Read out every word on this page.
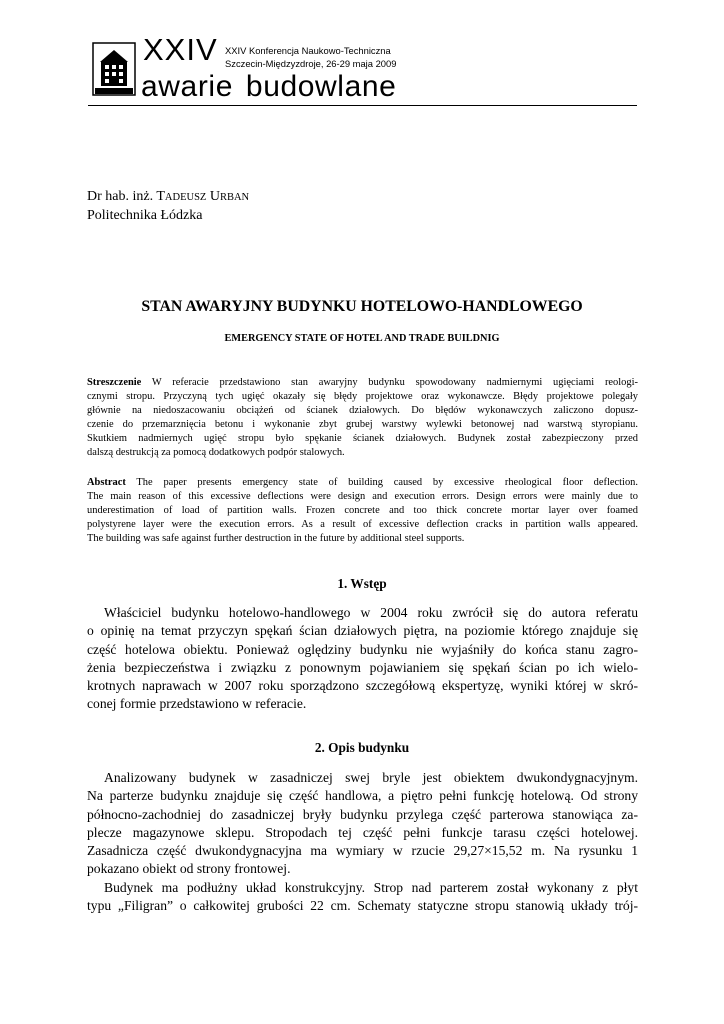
XXIV XXIV Konferencja Naukowo-Techniczna
Szczecin-Międzyzdroje, 26-29 maja 2009
awarie budowlane
Dr hab. inż. TADEUSZ URBAN
Politechnika Łódzka
STAN AWARYJNY BUDYNKU HOTELOWO-HANDLOWEGO
EMERGENCY STATE OF HOTEL AND TRADE BUILDNIG
Streszczenie W referacie przedstawiono stan awaryjny budynku spowodowany nadmiernymi ugięciami reologi-
cznymi stropu. Przyczyną tych ugięć okazały się błędy projektowe oraz wykonawcze. Błędy projektowe polegały
głównie na niedoszacowaniu obciążeń od ścianek działowych. Do błędów wykonawczych zaliczono dopusz-
czenie do przemarznięcia betonu i wykonanie zbyt grubej warstwy wylewki betonowej nad warstwą styropianu.
Skutkiem nadmiernych ugięć stropu było spękanie ścianek działowych. Budynek został zabezpieczony przed
dalszą destrukcją za pomocą dodatkowych podpór stalowych.
Abstract The paper presents emergency state of building caused by excessive rheological floor deflection.
The main reason of this excessive deflections were design and execution errors. Design errors were mainly due to
underestimation of load of partition walls. Frozen concrete and too thick concrete mortar layer over foamed
polystyrene layer were the execution errors. As a result of excessive deflection cracks in partition walls appeared.
The building was safe against further destruction in the future by additional steel supports.
1. Wstęp
Właściciel budynku hotelowo-handlowego w 2004 roku zwrócił się do autora referatu
o opinię na temat przyczyn spękań ścian działowych piętra, na poziomie którego znajduje się
część hotelowa obiektu. Ponieważ oględziny budynku nie wyjaśniły do końca stanu zagro-
żenia bezpieczeństwa i związku z ponownym pojawianiem się spękań ścian po ich wielo-
krotnych naprawach w 2007 roku sporządzono szczegółową ekspertyzę, wyniki której w skró-
conej formie przedstawiono w referacie.
2. Opis budynku
Analizowany budynek w zasadniczej swej bryle jest obiektem dwukondygnacyjnym.
Na parterze budynku znajduje się część handlowa, a piętro pełni funkcję hotelową. Od strony
północno-zachodniej do zasadniczej bryły budynku przylega część parterowa stanowiąca za-
plecze magazynowe sklepu. Stropodach tej część pełni funkcje tarasu części hotelowej.
Zasadnicza część dwukondygnacyjna ma wymiary w rzucie 29,27×15,52 m. Na rysunku 1
pokazano obiekt od strony frontowej.
Budynek ma podłużny układ konstrukcyjny. Strop nad parterem został wykonany z płyt
typu „Filigran” o całkowitej grubości 22 cm. Schematy statyczne stropu stanowią układy trój-
